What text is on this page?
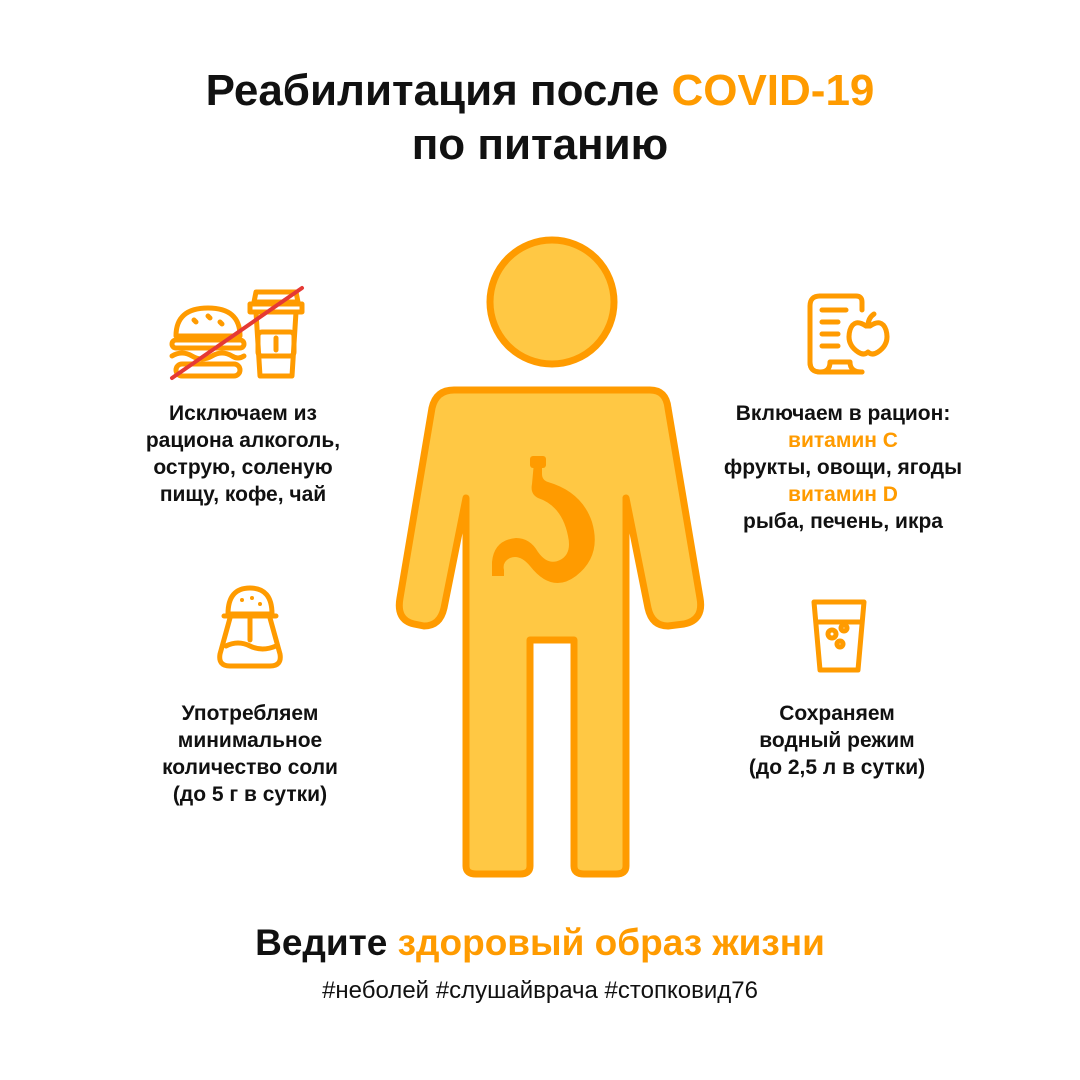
Реабилитация после COVID-19
по питанию
Исключаем из
рациона алкоголь,
острую, соленую
пищу, кофе, чай
Употребляем
минимальное
количество соли
(до 5 г в сутки)
Включаем в рацион:
витамин С
фрукты, овощи, ягоды
витамин D
рыба, печень, икра
Сохраняем
водный режим
(до 2,5 л в сутки)
Ведите здоровый образ жизни
#неболей #слушайврача #стопковид76
